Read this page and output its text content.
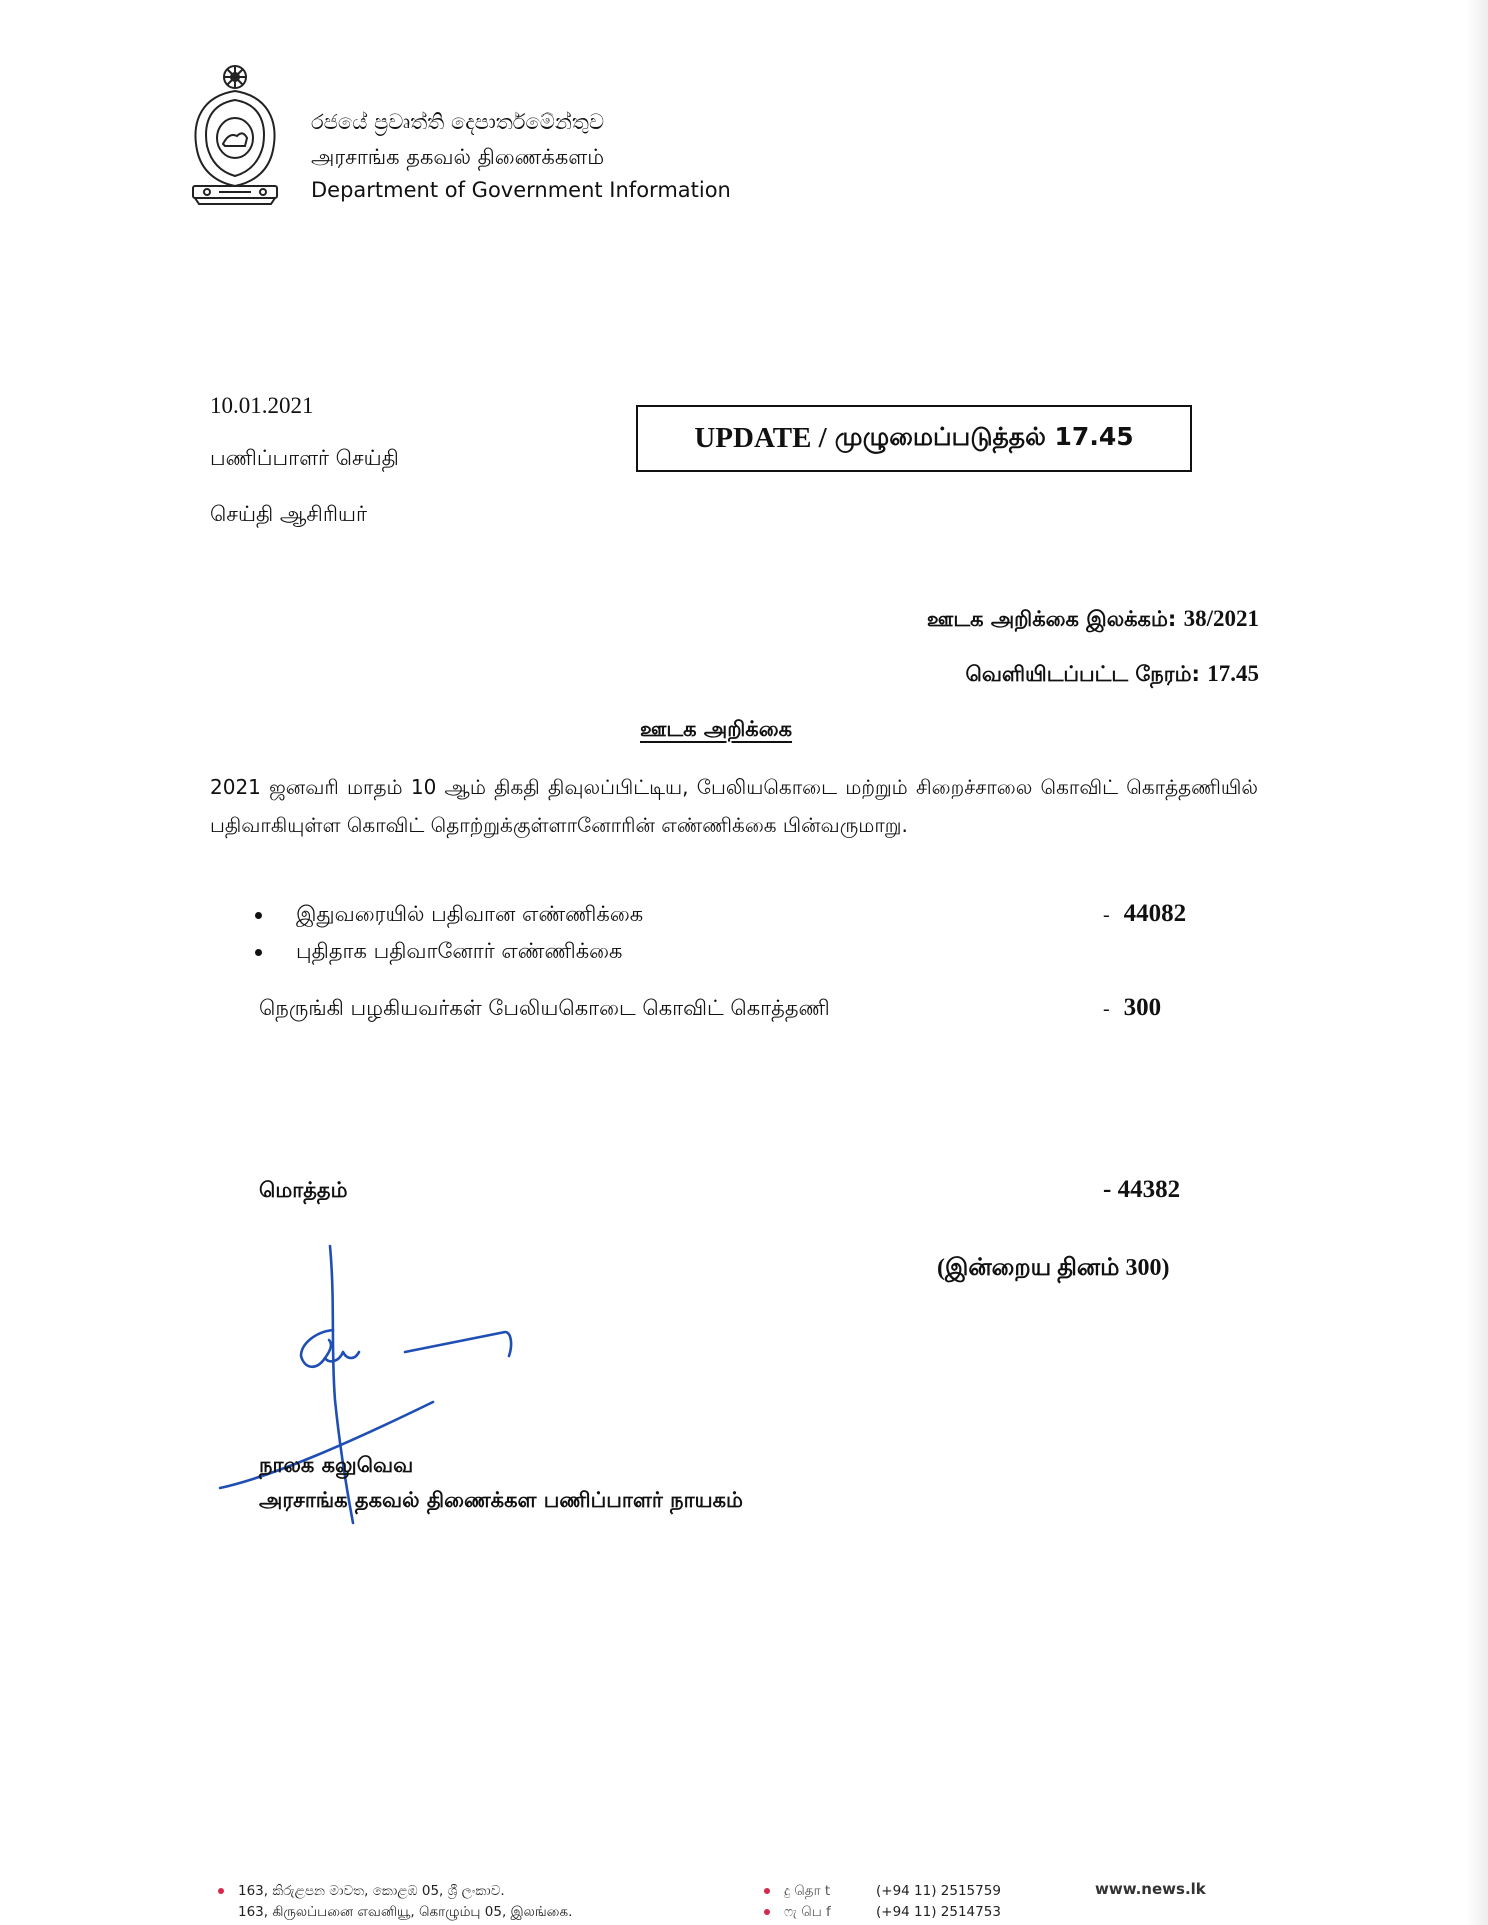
රජයේ ප්‍රවෘත්ති දෙපාර්තමේන්තුව
அரசாங்க தகவல் திணைக்களம்
Department of Government Information
10.01.2021
பணிப்பாளர் செய்தி
செய்தி ஆசிரியர்
UPDATE / முழுமைப்படுத்தல் 17.45
ஊடக அறிக்கை இலக்கம்: 38/2021
வெளியிடப்பட்ட நேரம்: 17.45
ஊடக அறிக்கை
2021 ஜனவரி மாதம் 10 ஆம் திகதி திவுலப்பிட்டிய, பேலியகொடை மற்றும் சிறைச்சாலை கொவிட் கொத்தணியில் பதிவாகியுள்ள கொவிட் தொற்றுக்குள்ளானோரின் எண்ணிக்கை பின்வருமாறு.
இதுவரையில் பதிவான எண்ணிக்கை	- 44082
புதிதாக பதிவானோர் எண்ணிக்கை
நெருங்கி பழகியவர்கள் பேலியகொடை கொவிட் கொத்தணி	- 300
மொத்தம்	- 44382
(இன்றைய தினம் 300)
நாலக கலுவெவ
அரசாங்க தகவல் திணைக்கள பணிப்பாளர் நாயகம்
163, කිරුළපන මාවත, කොළඹ 05, ශ්‍රී ලංකාව.
163, கிருலப்பனை எவனியூ, கொழும்பு 05, இலங்கை.
දු தொ t	(+94 11) 2515759
ෆැ பெ f	(+94 11) 2514753
www.news.lk
